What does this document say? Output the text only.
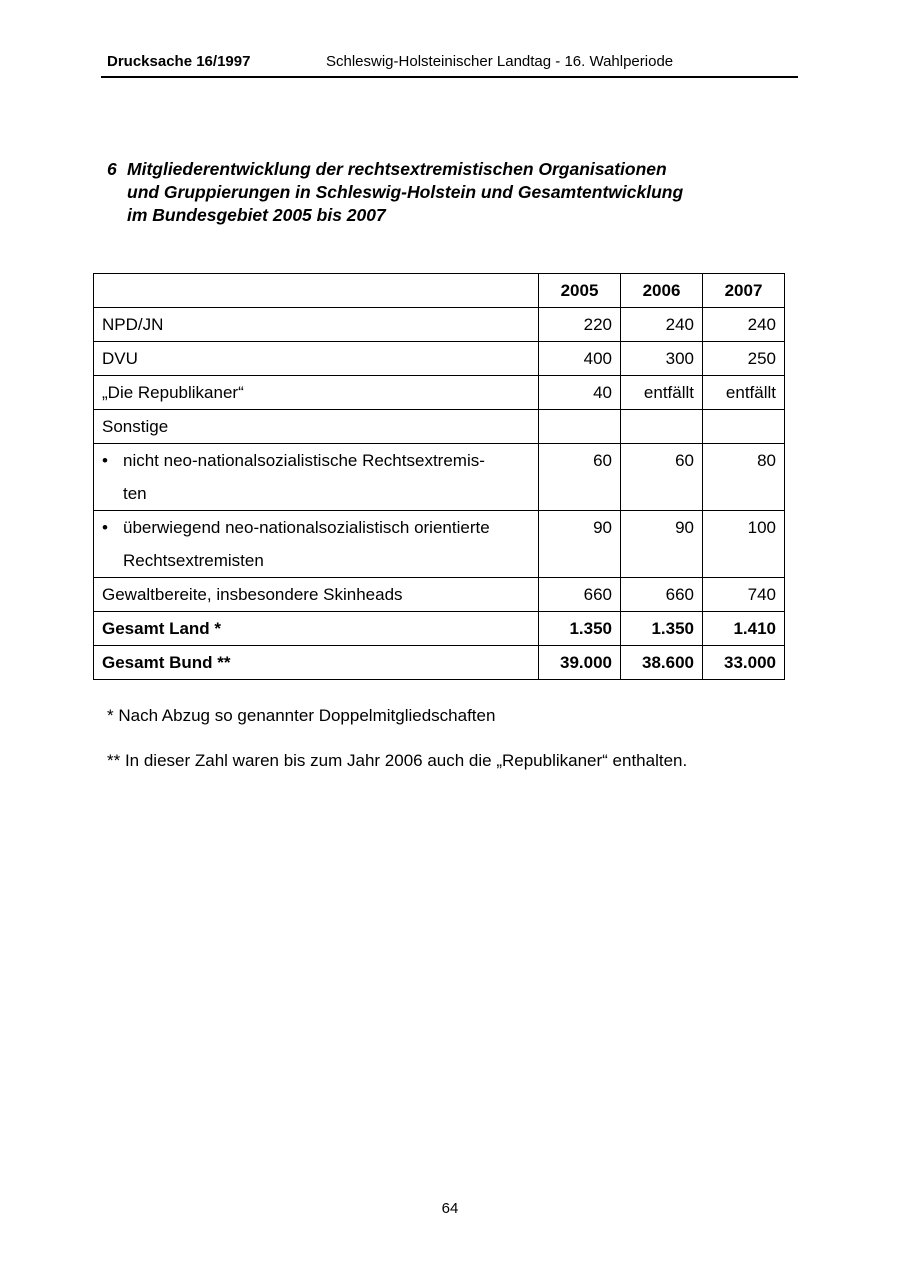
Drucksache 16/1997	Schleswig-Holsteinischer Landtag - 16. Wahlperiode
6 Mitgliederentwicklung der rechtsextremistischen Organisationen
und Gruppierungen in Schleswig-Holstein und Gesamtentwicklung
im Bundesgebiet 2005 bis 2007
	2005	2006	2007
NPD/JN	220	240	240
DVU	400	300	250
„Die Republikaner“	40	entfällt	entfällt
Sonstige			
• nicht neo-nationalsozialistische Rechtsextremis-
ten	60	60	80
• überwiegend neo-nationalsozialistisch orientierte
Rechtsextremisten	90	90	100
Gewaltbereite, insbesondere Skinheads	660	660	740
Gesamt Land *	1.350	1.350	1.410
Gesamt Bund **	39.000	38.600	33.000
* Nach Abzug so genannter Doppelmitgliedschaften
** In dieser Zahl waren bis zum Jahr 2006 auch die „Republikaner“ enthalten.
64
